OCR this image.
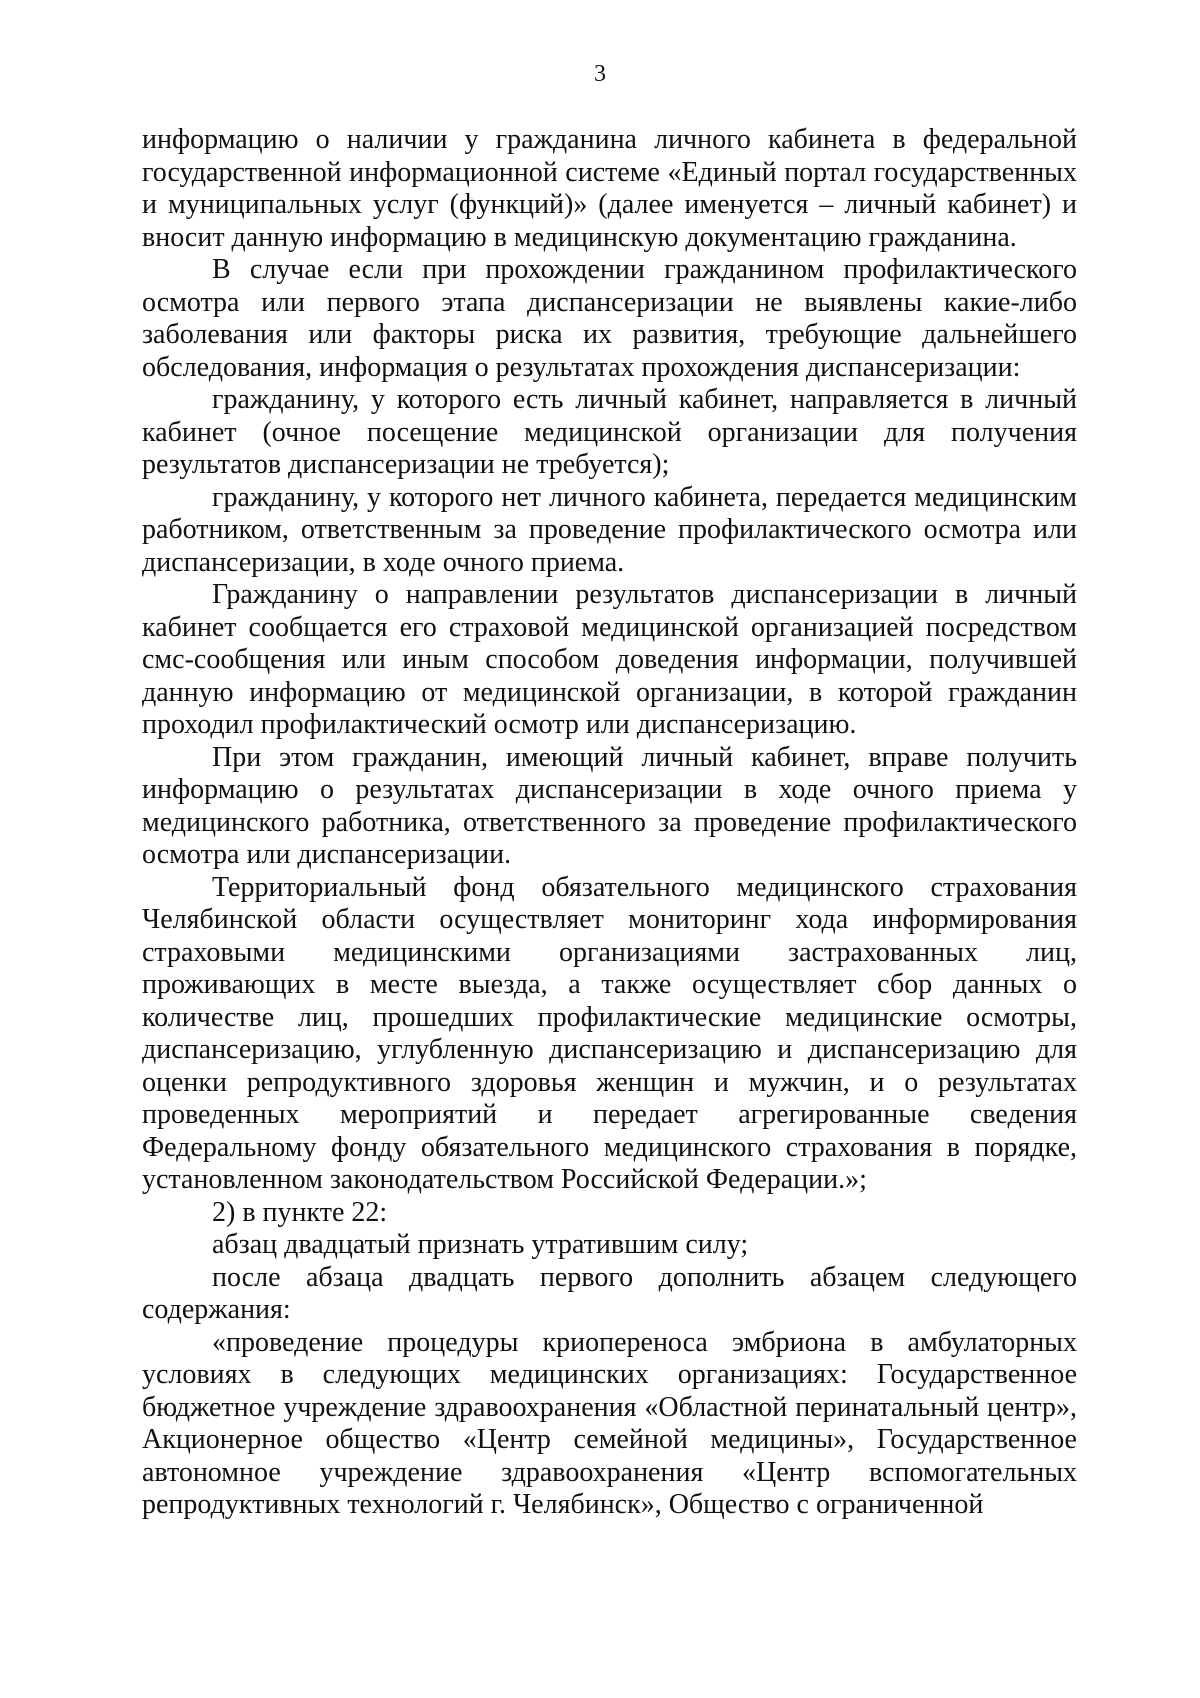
3

информацию о наличии у гражданина личного кабинета в федеральной государственной информационной системе «Единый портал государственных и муниципальных услуг (функций)» (далее именуется – личный кабинет) и вносит данную информацию в медицинскую документацию гражданина.

В случае если при прохождении гражданином профилактического осмотра или первого этапа диспансеризации не выявлены какие-либо заболевания или факторы риска их развития, требующие дальнейшего обследования, информация о результатах прохождения диспансеризации:

гражданину, у которого есть личный кабинет, направляется в личный кабинет (очное посещение медицинской организации для получения результатов диспансеризации не требуется);

гражданину, у которого нет личного кабинета, передается медицинским работником, ответственным за проведение профилактического осмотра или диспансеризации, в ходе очного приема.

Гражданину о направлении результатов диспансеризации в личный кабинет сообщается его страховой медицинской организацией посредством смс-сообщения или иным способом доведения информации, получившей данную информацию от медицинской организации, в которой гражданин проходил профилактический осмотр или диспансеризацию.

При этом гражданин, имеющий личный кабинет, вправе получить информацию о результатах диспансеризации в ходе очного приема у медицинского работника, ответственного за проведение профилактического осмотра или диспансеризации.

Территориальный фонд обязательного медицинского страхования Челябинской области осуществляет мониторинг хода информирования страховыми медицинскими организациями застрахованных лиц, проживающих в месте выезда, а также осуществляет сбор данных о количестве лиц, прошедших профилактические медицинские осмотры, диспансеризацию, углубленную диспансеризацию и диспансеризацию для оценки репродуктивного здоровья женщин и мужчин, и о результатах проведенных мероприятий и передает агрегированные сведения Федеральному фонду обязательного медицинского страхования в порядке, установленном законодательством Российской Федерации.»;

2) в пункте 22:

абзац двадцатый признать утратившим силу;

после абзаца двадцать первого дополнить абзацем следующего содержания:

«проведение процедуры криопереноса эмбриона в амбулаторных условиях в следующих медицинских организациях: Государственное бюджетное учреждение здравоохранения «Областной перинатальный центр», Акционерное общество «Центр семейной медицины», Государственное автономное учреждение здравоохранения «Центр вспомогательных репродуктивных технологий г. Челябинск», Общество с ограниченной
